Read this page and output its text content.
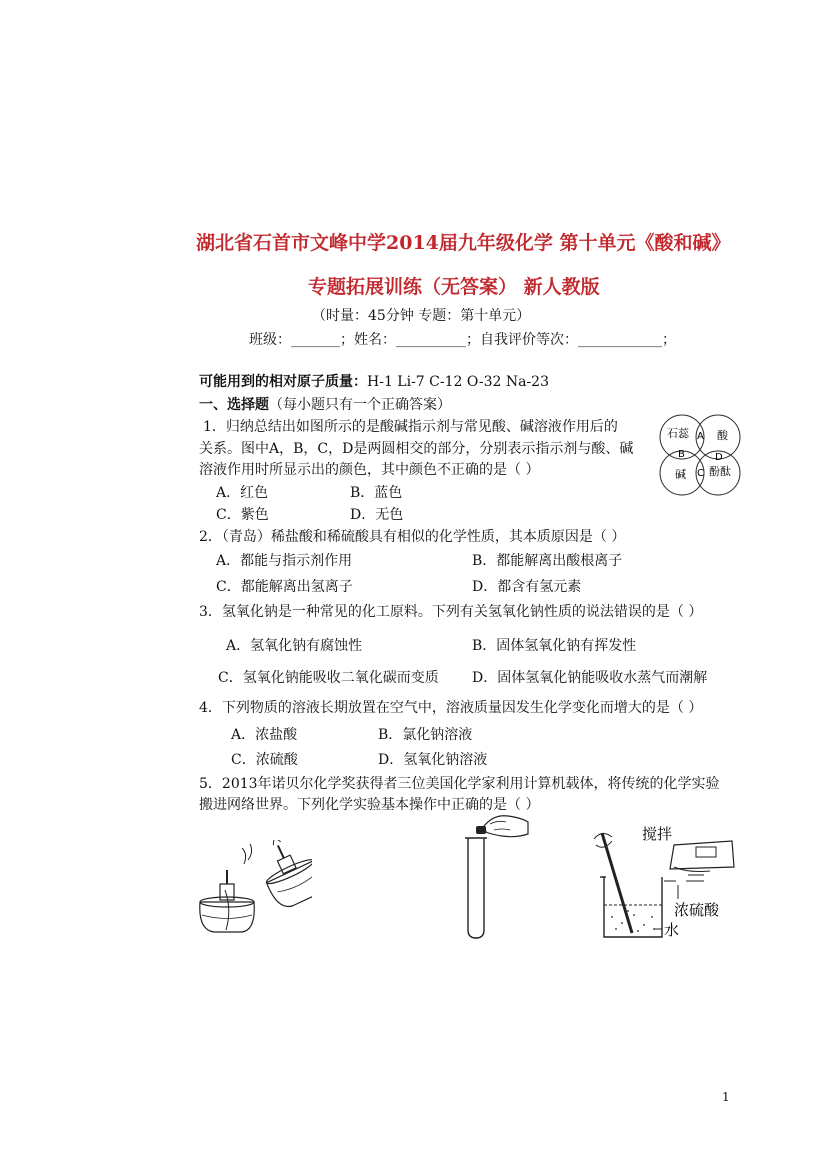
湖北省石首市文峰中学2014届九年级化学 第十单元《酸和碱》
专题拓展训练（无答案） 新人教版
（时量：45分钟 专题：第十单元）
班级：_______；姓名：__________；自我评价等次：____________；
可能用到的相对原子质量：H-1 Li-7 C-12 O-32 Na-23
一、选择题（每小题只有一个正确答案）
1．归纳总结出如图所示的是酸碱指示剂与常见酸、碱溶液作用后的
关系。图中A，B，C，D是两圆相交的部分，分别表示指示剂与酸、碱
溶液作用时所显示出的颜色，其中颜色不正确的是（ ）
A．红色	B．蓝色
C．紫色	D．无色
石蕊 A 酸
B	D
碱 C 酚酞
2．（青岛）稀盐酸和稀硫酸具有相似的化学性质，其本质原因是（ ）
A．都能与指示剂作用	B．都能解离出酸根离子
C．都能解离出氢离子	D．都含有氢元素
3．氢氧化钠是一种常见的化工原料。下列有关氢氧化钠性质的说法错误的是（ ）
A．氢氧化钠有腐蚀性	B．固体氢氧化钠有挥发性
C．氢氧化钠能吸收二氧化碳而变质 D．固体氢氧化钠能吸收水蒸气而潮解
4．下列物质的溶液长期放置在空气中，溶液质量因发生化学变化而增大的是（ ）
A．浓盐酸	B．氯化钠溶液
C．浓硫酸	D．氢氧化钠溶液
5．2013年诺贝尔化学奖获得者三位美国化学家利用计算机载体，将传统的化学实验
搬进网络世界。下列化学实验基本操作中正确的是（ ）
搅拌
浓硫酸
水
1
